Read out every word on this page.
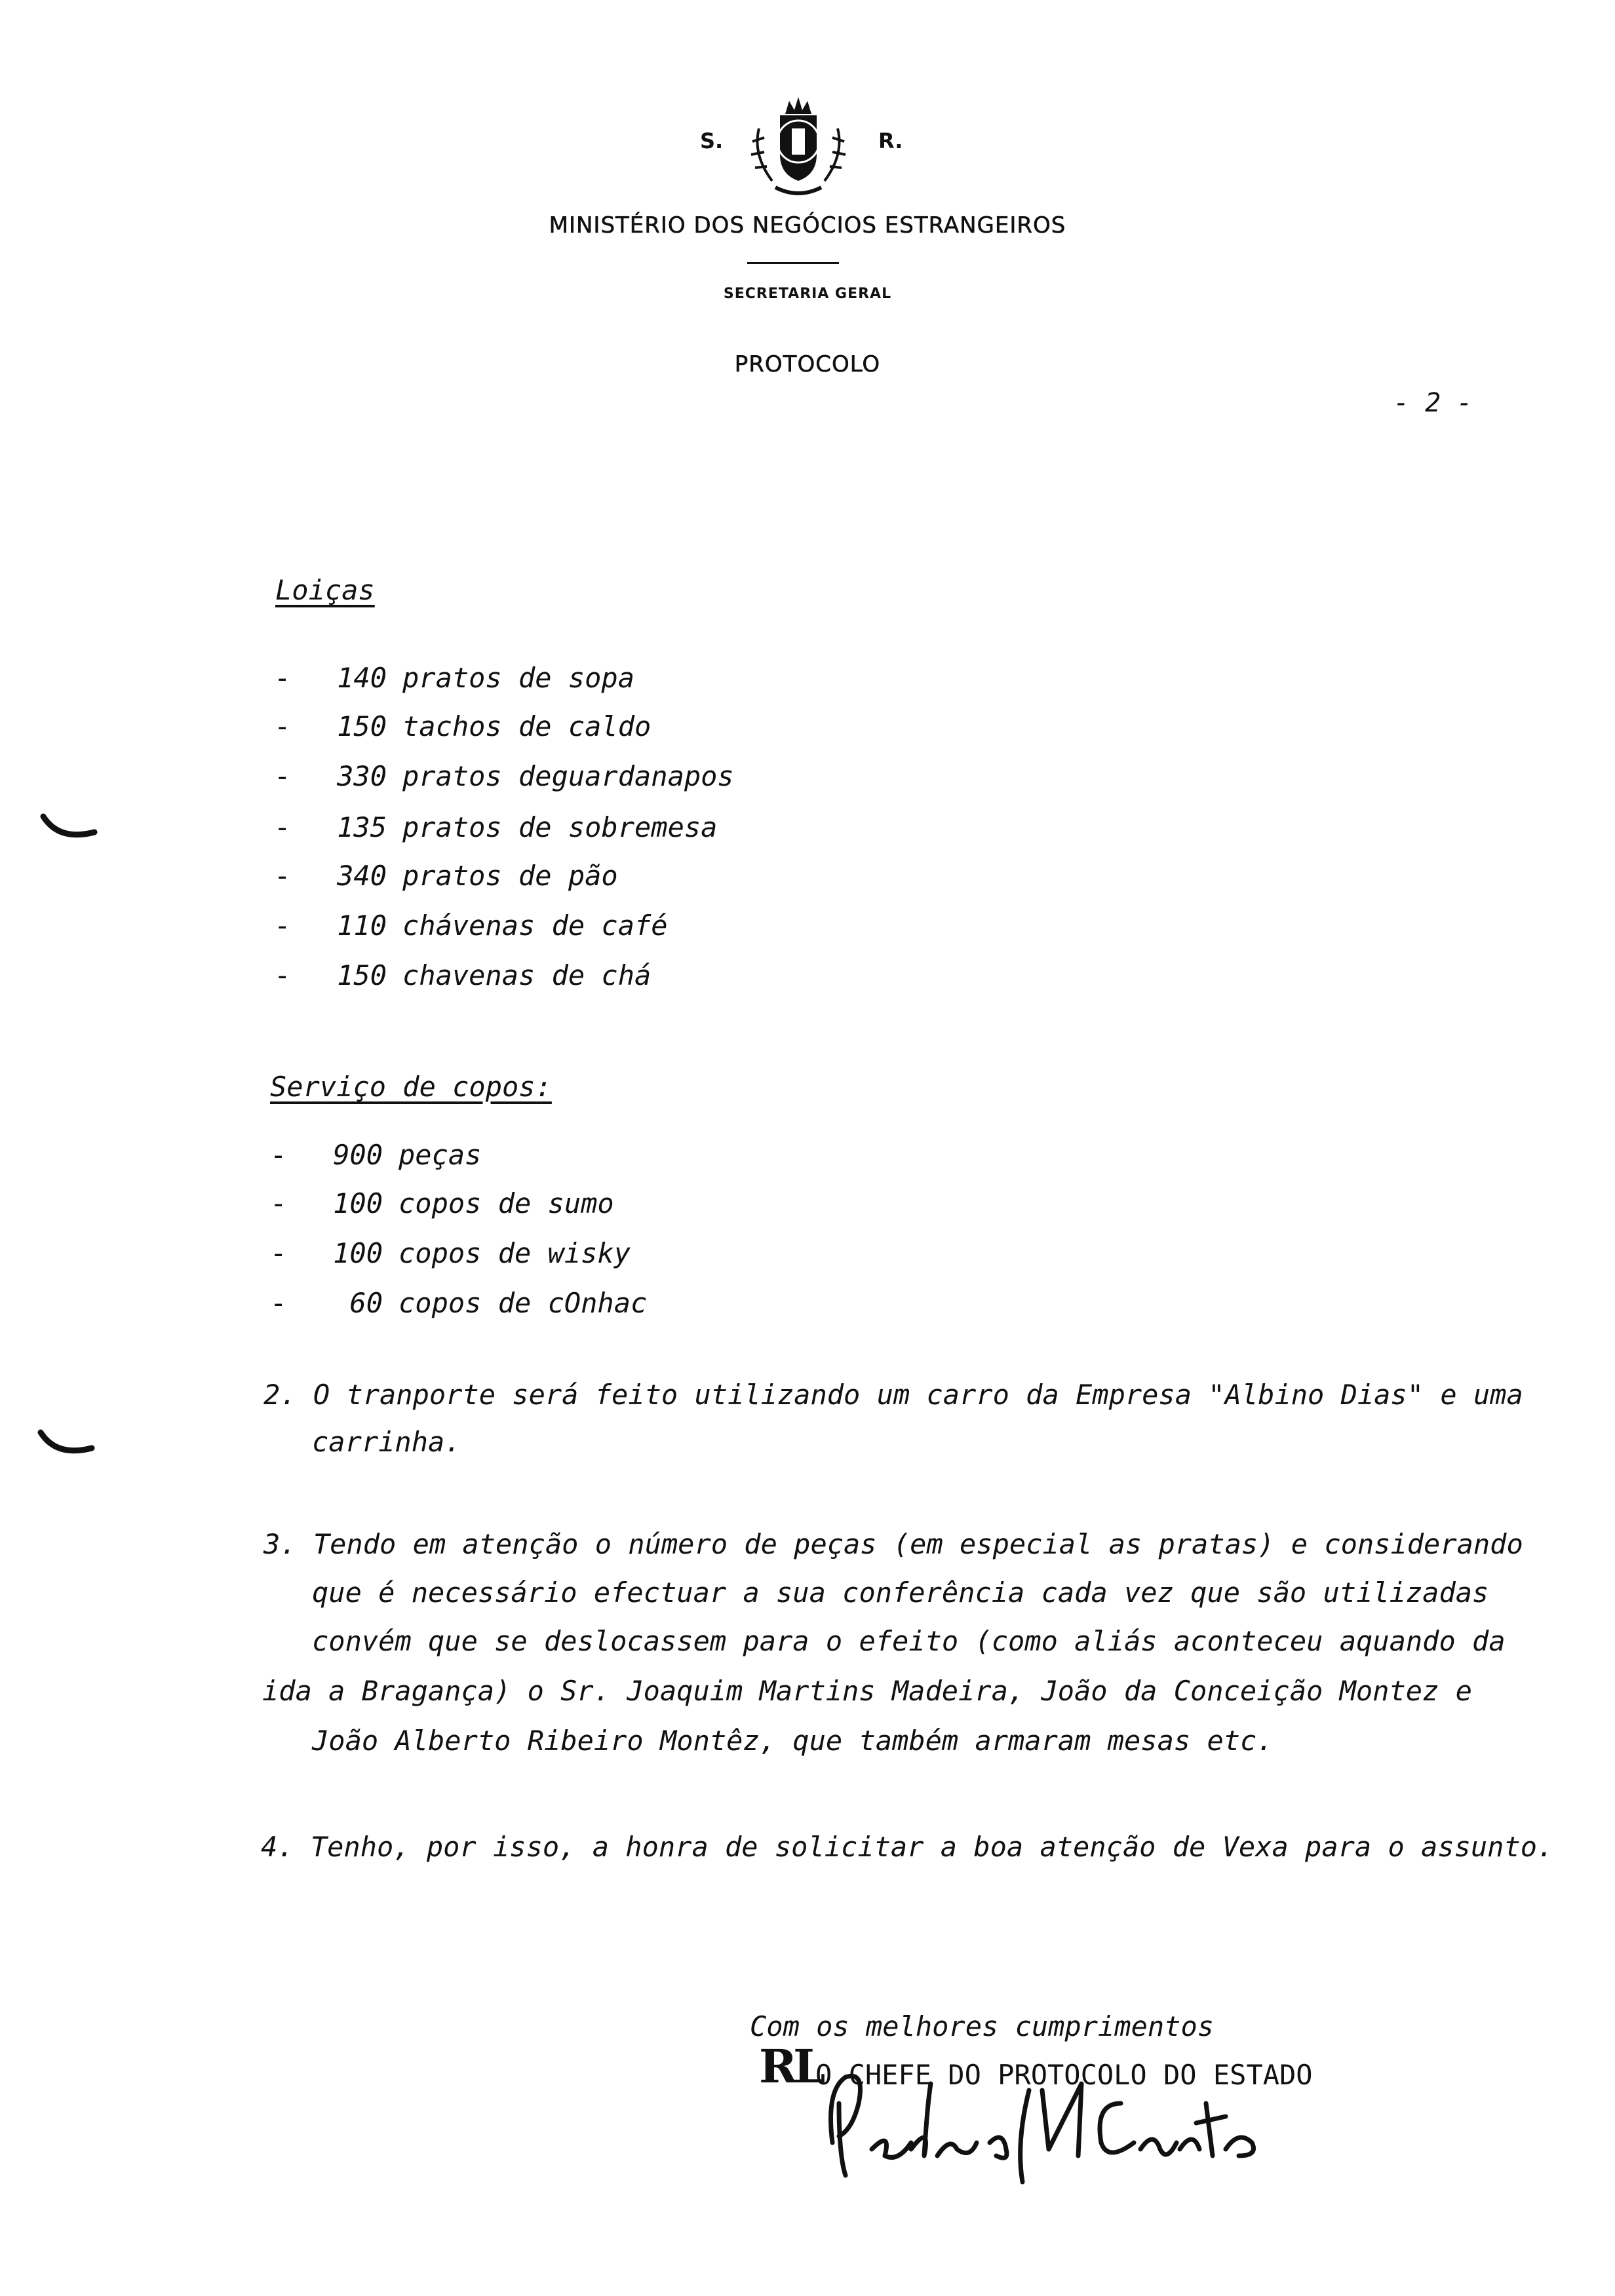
S.	R.
MINISTÉRIO DOS NEGÓCIOS ESTRANGEIROS
SECRETARIA GERAL
PROTOCOLO
- 2 -
Loiças
-	140 pratos de sopa
-	150 tachos de caldo
-	330 pratos deguardanapos
-	135 pratos de sobremesa
-	340 pratos de pão
-	110 chávenas de café
-	150 chavenas de chá
Serviço de copos:
-	900 peças
-	100 copos de sumo
-	100 copos de wisky
-	60 copos de cOnhac
2. O tranporte será feito utilizando um carro da Empresa "Albino Dias" e uma
carrinha.
3. Tendo em atenção o número de peças (em especial as pratas) e considerando
que é necessário efectuar a sua conferência cada vez que são utilizadas
convém que se deslocassem para o efeito (como aliás aconteceu aquando da
ida a Bragança) o Sr. Joaquim Martins Madeira, João da Conceição Montez e
João Alberto Ribeiro Montêz, que também armaram mesas etc.
4. Tenho, por isso, a honra de solicitar a boa atenção de Vexa para o assunto.
Com os melhores cumprimentos
RL
O CHEFE DO PROTOCOLO DO ESTADO
